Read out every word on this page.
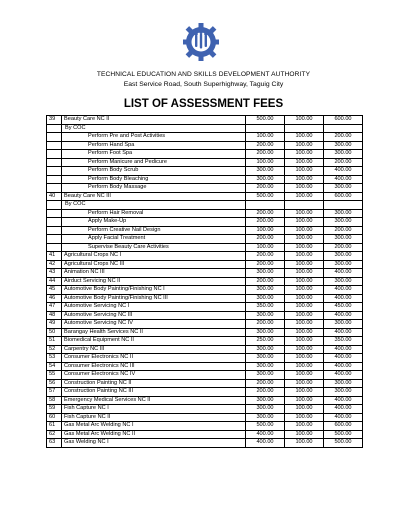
TECHNICAL EDUCATION AND SKILLS DEVELOPMENT AUTHORITY
East Service Road, South Superhighway, Taguig City
LIST OF ASSESSMENT FEES
39	Beauty Care NC II	500.00	100.00	600.00
	By COC			
	Perform Pre and Post Activities	100.00	100.00	200.00
	Perform Hand Spa	200.00	100.00	300.00
	Perform Foot Spa	200.00	100.00	300.00
	Perform Manicure and Pedicure	100.00	100.00	200.00
	Perform Body Scrub	300.00	100.00	400.00
	Perform Body Bleaching	300.00	100.00	400.00
	Perform Body Massage	200.00	100.00	300.00
40	Beauty Care NC III	500.00	100.00	600.00
	By COC			
	Perform Hair Removal	200.00	100.00	300.00
	Apply Make-Up	200.00	100.00	300.00
	Perform Creative Nail Design	100.00	100.00	200.00
	Apply Facial Treatment	200.00	100.00	300.00
	Supervise Beauty Care Activities	100.00	100.00	200.00
41	Agricultural Crops NC I	200.00	100.00	300.00
42	Agricultural Crops NC III	200.00	100.00	300.00
43	Animation NC III	300.00	100.00	400.00
44	Airduct Servicing NC II	200.00	100.00	300.00
45	Automotive Body Painting/Finishing NC I	300.00	100.00	400.00
46	Automotive Body Painting/Finishing NC III	300.00	100.00	400.00
47	Automotive Servicing NC I	350.00	100.00	450.00
48	Automotive Servicing NC III	300.00	100.00	400.00
49	Automotive Servicing NC IV	200.00	100.00	300.00
50	Barangay Health Services NC II	300.00	100.00	400.00
51	Biomedical Equipment NC II	250.00	100.00	350.00
52	Carpentry NC III	300.00	100.00	400.00
53	Consumer Electronics NC II	300.00	100.00	400.00
54	Consumer Electronics NC III	300.00	100.00	400.00
55	Consumer Electronics NC IV	300.00	100.00	400.00
56	Construction Painting NC II	200.00	100.00	300.00
57	Construction Painting NC III	200.00	100.00	300.00
58	Emergency Medical Services NC II	300.00	100.00	400.00
59	Fish Capture NC I	300.00	100.00	400.00
60	Fish Capture NC II	300.00	100.00	400.00
61	Gas Metal Arc Welding NC I	500.00	100.00	600.00
62	Gas Metal Arc Welding NC II	400.00	100.00	500.00
63	Gas Welding NC I	400.00	100.00	500.00
